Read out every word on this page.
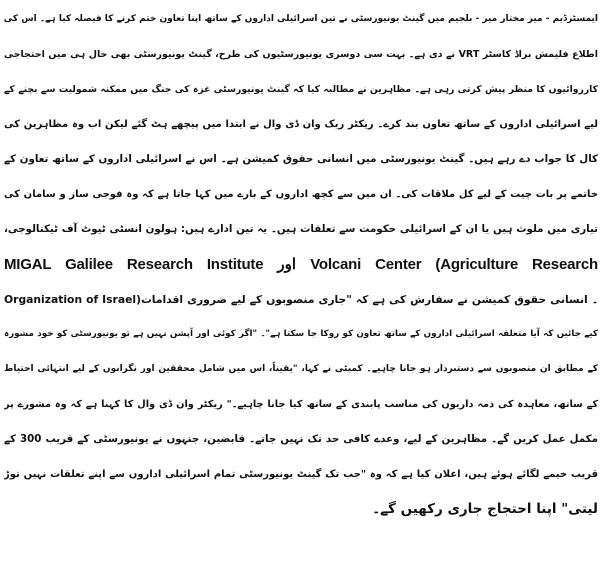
ایمسٹرڈیم - میر مختار میر - بلجیم میں گینٹ یونیورسٹی نے تین اسرائیلی اداروں کے ساتھ اپنا تعاون ختم کرنے کا فیصلہ کیا ہے۔ اس کی
اطلاع فلیمش براڈ کاسٹر VRT نے دی ہے۔ بہت سی دوسری یونیورسٹیوں کی طرح، گینٹ یونیورسٹی بھی حال ہی میں احتجاجی
کارروائیوں کا منظر پیش کرتی رہی ہے۔ مظاہرین نے مطالبہ کیا کہ گینٹ یونیورسٹی غزہ کی جنگ میں ممکنہ شمولیت سے بچنے کے
لیے اسرائیلی اداروں کے ساتھ تعاون بند کرے۔ ریکٹر ریک وان ڈی وال نے ابتدا میں پیچھے ہٹ گئے لیکن اب وہ مظاہرین کی
کال کا جواب دے رہے ہیں۔ گینٹ یونیورسٹی میں انسانی حقوق کمیشن ہے۔ اس نے اسرائیلی اداروں کے ساتھ تعاون کے
خاتمے پر بات چیت کے لیے کل ملاقات کی۔ ان میں سے کچھ اداروں کے بارے میں کہا جاتا ہے کہ وہ فوجی ساز و سامان کی
تیاری میں ملوث ہیں یا ان کے اسرائیلی حکومت سے تعلقات ہیں۔ یہ تین ادارے ہیں: ہولون انسٹی ٹیوٹ آف ٹیکنالوجی،
MIGAL Galilee Research Institute اور Volcani Center (Agriculture Research
Organization of Israel)۔ انسانی حقوق کمیشن نے سفارش کی ہے کہ "جاری منصوبوں کے لیے ضروری اقدامات
کیے جائیں کہ آیا متعلقہ اسرائیلی اداروں کے ساتھ تعاون کو روکا جا سکتا ہے"۔ "اگر کوئی اور آپشن نہیں ہے تو یونیورسٹی کو خود مشورہ
کے مطابق ان منصوبوں سے دستبردار ہو جانا چاہیے۔ کمیٹی نے کہا، "یقیناً، اس میں شامل محققین اور نگرانوں کے لیے انتہائی احتیاط
کے ساتھ، معاہدہ کی ذمہ داریوں کی مناسب پابندی کے ساتھ کیا جانا چاہیے۔" ریکٹر وان ڈی وال کا کہنا ہے کہ وہ مشورے پر
مکمل عمل کریں گے۔ مظاہرین کے لیے، وعدے کافی حد تک نہیں جاتے۔ قابضین، جنہوں نے یونیورسٹی کے قریب 300 کے
قریب خیمے لگائے ہوئے ہیں، اعلان کیا ہے کہ وہ "جب تک گینٹ یونیورسٹی تمام اسرائیلی اداروں سے اپنے تعلقات نہیں توڑ
لیتی" اپنا احتجاج جاری رکھیں گے۔
